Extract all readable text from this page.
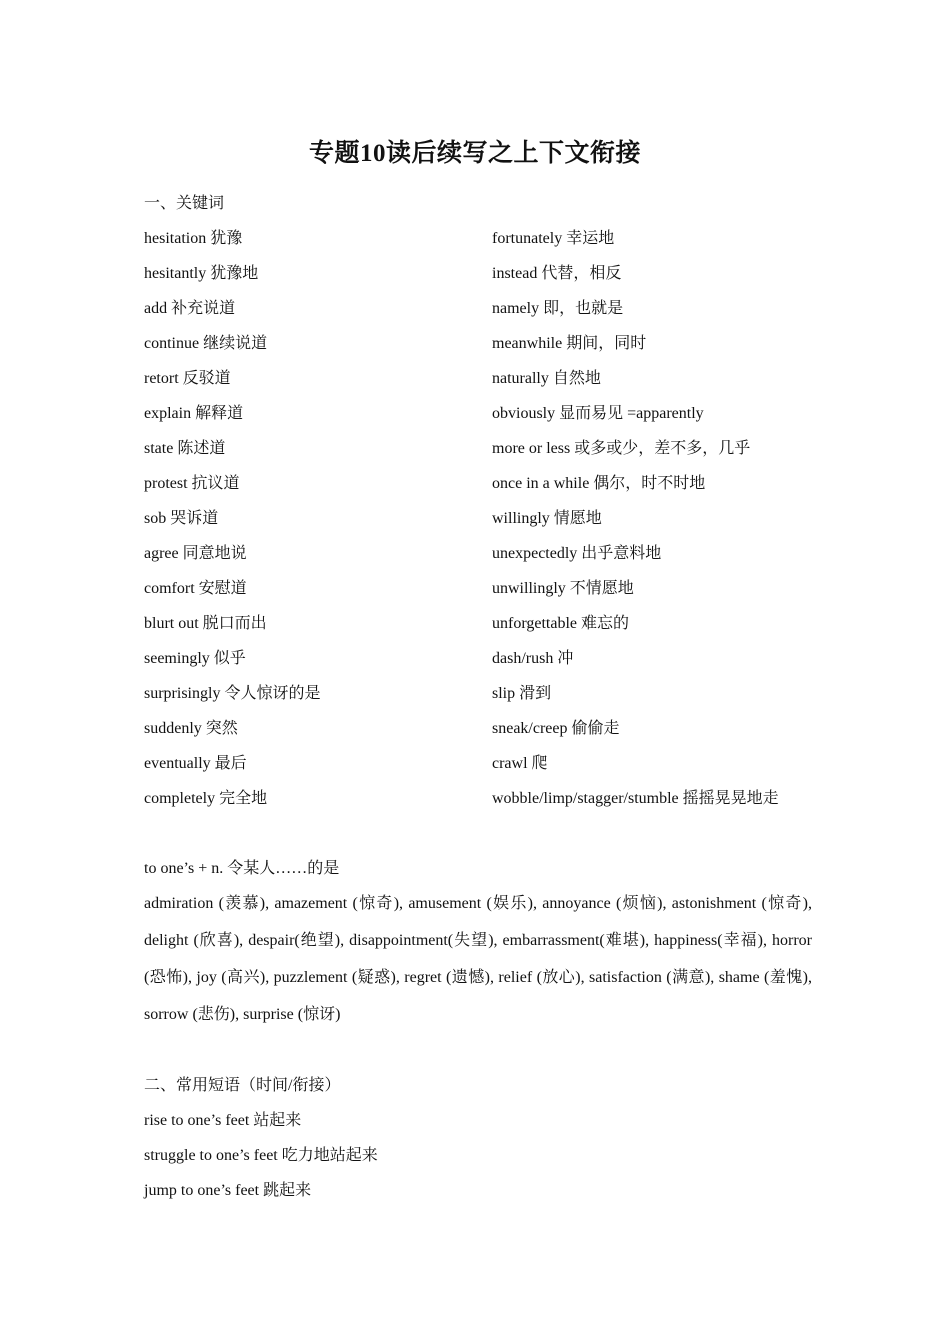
专题10读后续写之上下文衔接
一、关键词
hesitation 犹豫
hesitantly 犹豫地
add 补充说道
continue 继续说道
retort 反驳道
explain 解释道
state 陈述道
protest 抗议道
sob 哭诉道
agree 同意地说
comfort 安慰道
blurt out 脱口而出
seemingly 似乎
surprisingly 令人惊讶的是
suddenly 突然
eventually 最后
completely 完全地
fortunately 幸运地
instead 代替，相反
namely 即，也就是
meanwhile 期间，同时
naturally 自然地
obviously 显而易见 =apparently
more or less 或多或少，差不多，几乎
once in a while 偶尔，时不时地
willingly 情愿地
unexpectedly 出乎意料地
unwillingly 不情愿地
unforgettable 难忘的
dash/rush 冲
slip 滑到
sneak/creep 偷偷走
crawl 爬
wobble/limp/stagger/stumble 摇摇晃晃地走
to one’s + n. 令某人……的是
admiration (羡慕), amazement (惊奇), amusement (娱乐), annoyance (烦恼), astonishment (惊奇), delight (欣喜), despair(绝望), disappointment(失望), embarrassment(难堪), happiness(幸福), horror (恐怖), joy (高兴), puzzlement (疑惑), regret (遗憾), relief (放心), satisfaction (满意), shame (羞愧), sorrow (悲伤), surprise (惊讶)
二、常用短语（时间/衔接）
rise to one’s feet 站起来
struggle to one’s feet 吃力地站起来
jump to one’s feet 跳起来
